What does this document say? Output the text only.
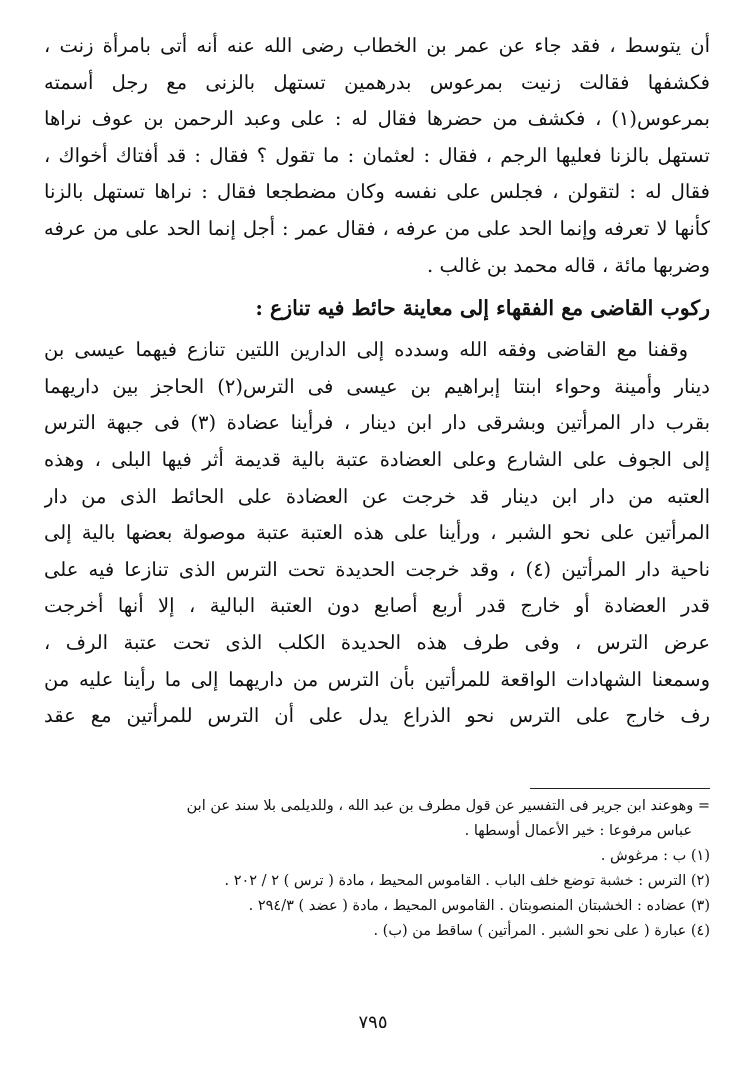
أن يتوسط ، فقد جاء عن عمر بن الخطاب رضى الله عنه أنه أتى بامرأة زنت ،
فكشفها فقالت زنيت بمرعوس بدرهمين تستهل بالزنى مع رجل أسمته
بمرعوس(١) ، فكشف من حضرها فقال له : على وعبد الرحمن بن عوف نراها
تستهل بالزنا فعليها الرجم ، فقال : لعثمان : ما تقول ؟ فقال : قد أفتاك أخواك ،
فقال له : لتقولن ، فجلس على نفسه وكان مضطجعا فقال : نراها تستهل بالزنا
كأنها لا تعرفه وإنما الحد على من عرفه ، فقال عمر : أجل إنما الحد على من عرفه
وضربها مائة ، قاله محمد بن غالب .
ركوب القاضى مع الفقهاء إلى معاينة حائط فيه تنازع :
وقفنا مع القاضى وفقه الله وسدده إلى الدارين اللتين تنازع فيهما عيسى بن
دينار وأمينة وحواء ابنتا إبراهيم بن عيسى فى الترس(٢) الحاجز بين داريهما
بقرب دار المرأتين وبشرقى دار ابن دينار ، فرأينا عضادة (٣) فى جبهة الترس
إلى الجوف على الشارع وعلى العضادة عتبة بالية قديمة أثر فيها البلى ، وهذه
العتبه من دار ابن دينار قد خرجت عن العضادة على الحائط الذى من دار
المرأتين على نحو الشبر ، ورأينا على هذه العتبة عتبة موصولة بعضها بالية إلى
ناحية دار المرأتين (٤) ، وقد خرجت الحديدة تحت الترس الذى تنازعا فيه على
قدر العضادة أو خارج قدر أربع أصابع دون العتبة البالية ، إلا أنها أخرجت
عرض الترس ، وفى طرف هذه الحديدة الكلب الذى تحت عتبة الرف ،
وسمعنا الشهادات الواقعة للمرأتين بأن الترس من داريهما إلى ما رأينا عليه من
رف خارج على الترس نحو الذراع يدل على أن الترس للمرأتين مع عقد
= وهوعند ابن جرير فى التفسير عن قول مطرف بن عبد الله ، وللديلمى بلا سند عن ابن
عباس مرفوعا : خير الأعمال أوسطها .
(١) ب : مرغوش .
(٢) الترس : خشبة توضع خلف الباب . القاموس المحيط ، مادة ( ترس ) ٢ / ٢٠٢ .
(٣) عضاده : الخشبتان المنصوبتان . القاموس المحيط ، مادة ( عضد ) ٢٩٤/٣ .
(٤) عبارة ( على نحو الشبر . المرأتين ) ساقط من (ب) .
٧٩٥
